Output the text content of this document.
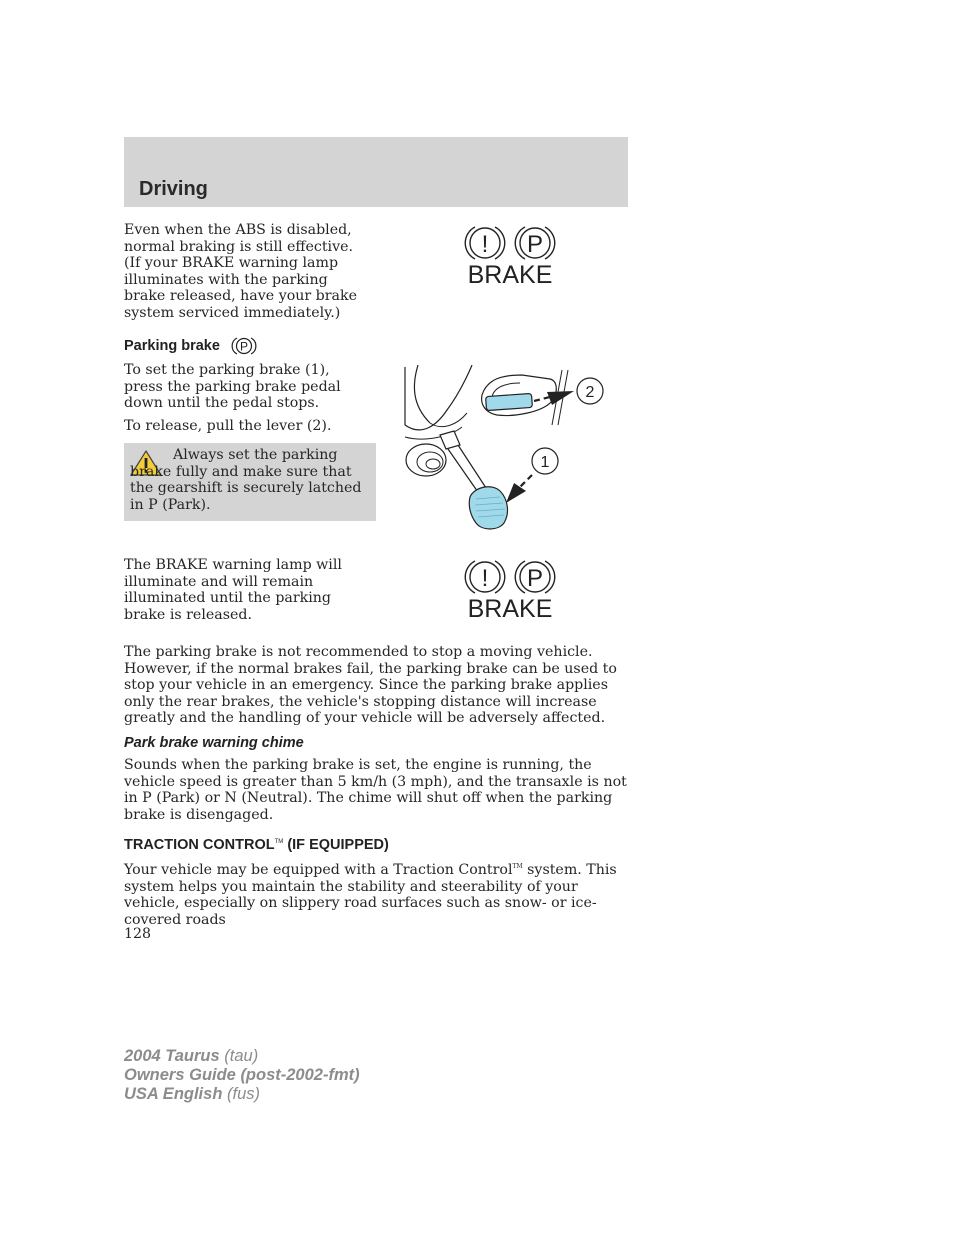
Driving
Even when the ABS is disabled, normal braking is still effective. (If your BRAKE warning lamp illuminates with the parking brake released, have your brake system serviced immediately.)
! P
BRAKE
Parking brake P
To set the parking brake (1), press the parking brake pedal down until the pedal stops.
To release, pull the lever (2).
Always set the parking brake fully and make sure that the gearshift is securely latched in P (Park).
2
1
The BRAKE warning lamp will illuminate and will remain illuminated until the parking brake is released.
! P
BRAKE
The parking brake is not recommended to stop a moving vehicle. However, if the normal brakes fail, the parking brake can be used to stop your vehicle in an emergency. Since the parking brake applies only the rear brakes, the vehicle's stopping distance will increase greatly and the handling of your vehicle will be adversely affected.
Park brake warning chime
Sounds when the parking brake is set, the engine is running, the vehicle speed is greater than 5 km/h (3 mph), and the transaxle is not in P (Park) or N (Neutral). The chime will shut off when the parking brake is disengaged.
TRACTION CONTROL™ (IF EQUIPPED)
Your vehicle may be equipped with a Traction Control™ system. This system helps you maintain the stability and steerability of your vehicle, especially on slippery road surfaces such as snow- or ice-covered roads
128
2004 Taurus (tau)
Owners Guide (post-2002-fmt)
USA English (fus)
